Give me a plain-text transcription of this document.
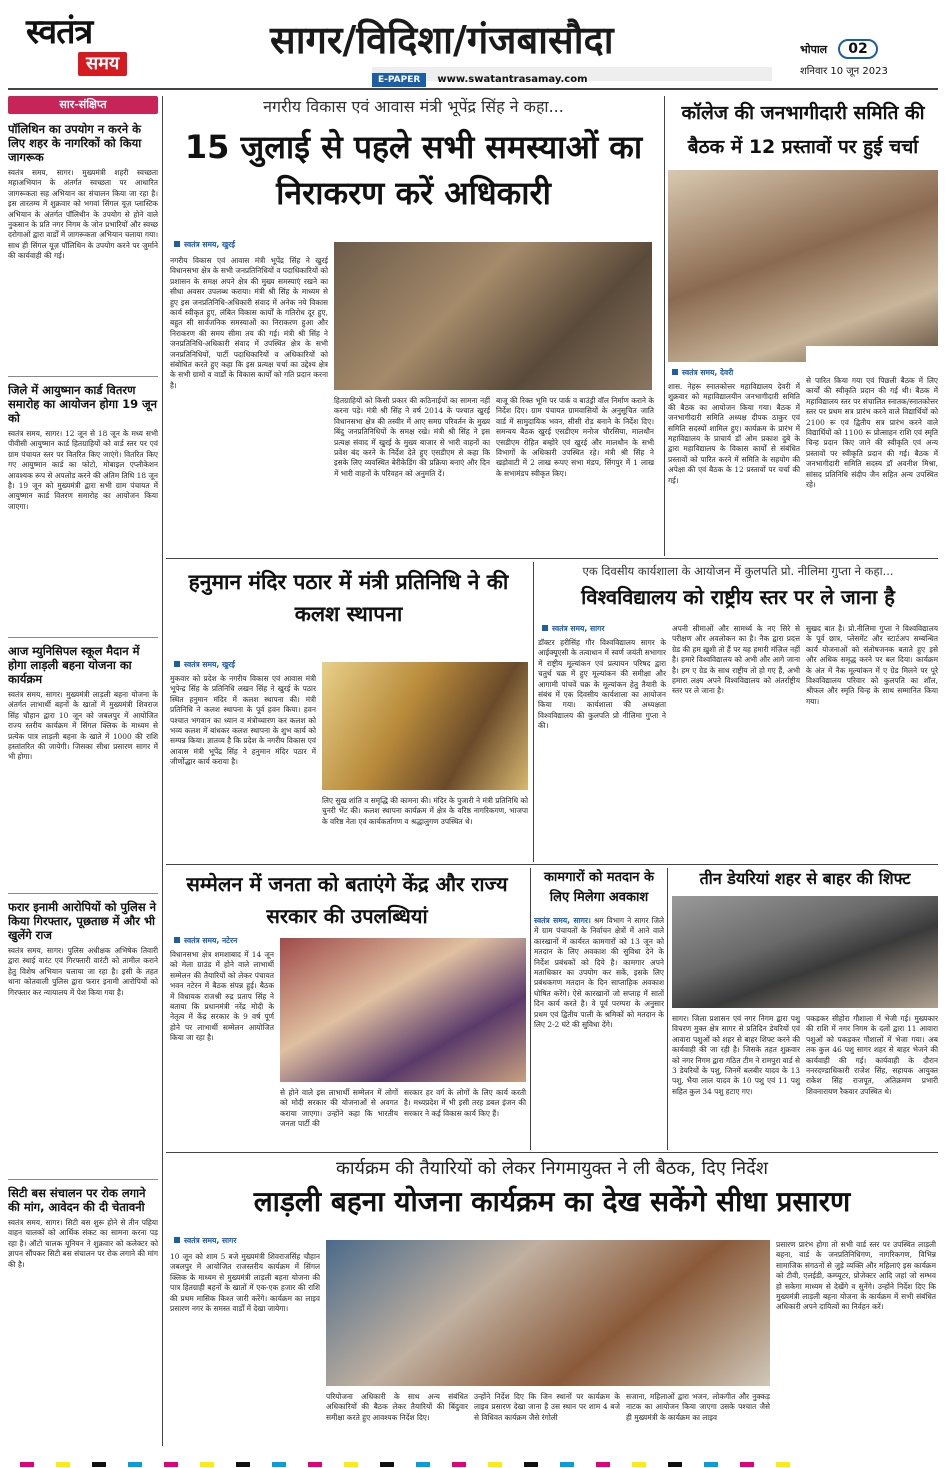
स्वतंत्र
समय
सागर/विदिशा/गंजबासौदा
E-PAPER www.swatantrasamay.com
भोपाल 02
शनिवार 10 जून 2023
सार-संक्षिप्त
पॉलिथिन का उपयोग न करने के लिए शहर के नागरिकों को किया जागरूक
स्वतंत्र समय, सागर। मुख्यमंत्री शहरी स्वच्छता महाअभियान के अंतर्गत स्वच्छता पर आधारित जागरूकता सह अभियान का संचालन किया जा रहा है। इस तारतम्य में शुक्रवार को भगवां सिंगल यूज़ प्लास्टिक अभियान के अंतर्गत पॉलिथीन के उपयोग से होने वाले नुकसान के प्रति नगर निगम के जोन प्रभारियों और स्वच्छ दरोगाओं द्वारा वार्डों में जागरूकता अभियान चलाया गया। साथ ही सिंगल यूज़ पॉलिथिन के उपयोग करने पर जुर्माने की कार्यवाही की गई।
जिले में आयुष्मान कार्ड वितरण समारोह का आयोजन होगा 19 जून को
स्वतंत्र समय, सागर। 12 जून से 18 जून के मध्य सभी पीवीसी आयुष्मान कार्ड हितग्राहियों को वार्ड स्तर पर एवं ग्राम पंचायत स्तर पर वितरित किए जाएंगे। वितरित किए गए आयुष्मान कार्ड का फोटो, मोबाइल एप्लीकेशन आवश्यक रूप से अपलोड करने की अंतिम तिथि 18 जून है। 19 जून को मुख्यमंत्री द्वारा सभी ग्राम पंचायत में आयुष्मान कार्ड वितरण समारोह का आयोजन किया जाएगा।
आज म्युनिसिपल स्कूल मैदान में होगा लाड़ली बहना योजना का कार्यक्रम
स्वतंत्र समय, सागर। मुख्यमंत्री लाड़ली बहना योजना के अंतर्गत लाभार्थी बहनों के खातों में मुख्यमंत्री शिवराज सिंह चौहान द्वारा 10 जून को जबलपुर में आयोजित राज्य स्तरीय कार्यक्रम में सिंगल क्लिक के माध्यम से प्रत्येक पात्र लाड़ली बहना के खाते में 1000 की राशि हस्तांतरित की जायेगी। जिसका सीधा प्रसारण सागर में भी होगा।
फरार इनामी आरोपियों को पुलिस ने किया गिरफ्तार, पूछताछ में और भी खुलेंगे राज
स्वतंत्र समय, सागर। पुलिस अधीक्षक अभिषेक तिवारी द्वारा स्थाई वारंट एवं गिरफ्तारी वारंटी को तामील कराने हेतु विशेष अभियान चलाया जा रहा है। इसी के तहत थाना कोतवाली पुलिस द्वारा फरार इनामी आरोपियों को गिरफ्तार कर न्यायालय में पेश किया गया है।
सिटी बस संचालन पर रोक लगाने की मांग, आवेदन की दी चेतावनी
स्वतंत्र समय, सागर। सिटी बस शुरू होने से तीन पहिया वाहन चालकों को आर्थिक संकट का सामना करना पड़ रहा है। ऑटो चालक यूनियन ने शुक्रवार को कलेक्टर को ज्ञापन सौंपकर सिटी बस संचालन पर रोक लगाने की मांग की है।
नगरीय विकास एवं आवास मंत्री भूपेंद्र सिंह ने कहा...
15 जुलाई से पहले सभी समस्याओं का निराकरण करें अधिकारी
स्वतंत्र समय, खुरई
नगरीय विकास एवं आवास मंत्री भूपेंद्र सिंह ने खुरई विधानसभा क्षेत्र के सभी जनप्रतिनिधियों व पदाधिकारियों को प्रशासन के समक्ष अपने क्षेत्र की मुख्य समस्याएं रखने का सीधा अवसर उपलब्ध कराया। मंत्री श्री सिंह के माध्यम से हुए इस जनप्रतिनिधि-अधिकारी संवाद में अनेक नये विकास कार्य स्वीकृत हुए, लंबित विकास कार्यों के गतिरोध दूर हुए, बहुत सी सार्वजनिक समस्याओं का निराकरण हुआ और निराकरण की समय सीमा तय की गई। मंत्री श्री सिंह ने जनप्रतिनिधि-अधिकारी संवाद में उपस्थित क्षेत्र के सभी जनप्रतिनिधियों, पार्टी पदाधिकारियों व अधिकारियों को संबोधित करते हुए कहा कि इस प्रत्यक्ष चर्चा का उद्देश्य क्षेत्र के सभी ग्रामों व वार्डों के विकास कार्यों को गति प्रदान करना है।
हितग्राहियों को किसी प्रकार की कठिनाईयों का सामना नहीं करना पड़े। मंत्री श्री सिंह ने वर्ष 2014 के पश्चात खुरई विधानसभा क्षेत्र की तस्वीर में आए समग्र परिवर्तन के मुख्य बिंदु जनप्रतिनिधियों के समक्ष रखे। मंत्री श्री सिंह ने इस प्रत्यक्ष संवाद में खुरई के मुख्य बाजार से भारी वाहनों का प्रवेश बंद करने के निर्देश देते हुए एसडीएम से कहा कि इसके लिए व्यवस्थित बेरीकेडिंग की प्रक्रिया बनाएं और दिन में भारी वाहनों के परिवहन को अनुमति दें।
बाजू की रिक्त भूमि पर पार्क व बाउंड्री वॉल निर्माण कराने के निर्देश दिए। ग्राम पंचायत ग्रामवासियों के अनुसूचित जाति वार्ड में सामुदायिक भवन, सीसी रोड बनाने के निर्देश दिए। समन्वय बैठक खुरई एसडीएम मनोज चौरसिया, मालथौन एसडीएम रोहित बम्होरे एवं खुरई और मालथौन के सभी विभागों के अधिकारी उपस्थित रहे। मंत्री श्री सिंह ने खड़ोवाटी में 2 लाख रूपए सभा मंडप, सिंगपुर में 1 लाख के सभामंडप स्वीकृत किए।
कॉलेज की जनभागीदारी समिति की बैठक में 12 प्रस्तावों पर हुई चर्चा
स्वतंत्र समय, देवरी
शास. नेहरू स्नातकोत्तर महाविद्यालय देवरी में शुक्रवार को महाविद्यालयीन जनभागीदारी समिति की बैठक का आयोजन किया गया। बैठक में जनभागीदारी समिति अध्यक्ष दीपक ठाकुर एवं समिति सदस्यों शामिल हुए। कार्यक्रम के प्रारंभ में महाविद्यालय के प्राचार्य डॉ ओम प्रकाश दुबे के द्वारा महाविद्यालय के विकास कार्यों से संबंधित प्रस्तावों को पारित करने में समिति के सहयोग की अपेक्षा की एवं बैठक के 12 प्रस्तावों पर चर्चा की गई।
से पारित किया गया एवं पिछली बैठक में लिए कार्यों की स्वीकृति प्रदान की गई थी। बैठक में महाविद्यालय स्तर पर संचालित स्नातक/स्नातकोत्तर स्तर पर प्रथम सत्र प्रारंभ करने वाले विद्यार्थियों को 2100 रू एवं द्वितीय सत्र प्रारंभ करने वाले विद्यार्थियों को 1100 रू प्रोत्साहन राशि एवं स्मृति चिन्ह प्रदान किए जाने की स्वीकृति एवं अन्य प्रस्तावों पर स्वीकृति प्रदान की गई। बैठक में जनभागीदारी समिति सदस्य डॉ अवनीश मिश्रा, सांसद प्रतिनिधि संदीप जैन सहित अन्य उपस्थित रहे।
हनुमान मंदिर पठार में मंत्री प्रतिनिधि ने की कलश स्थापना
स्वतंत्र समय, खुरई
मुकवार को प्रदेश के नगरीय विकास एवं आवास मंत्री भूपेन्द्र सिंह के प्रतिनिधि लखन सिंह ने खुरई के पठार स्थित हनुमान मंदिर में कलश स्थापना की। मंत्री प्रतिनिधि ने कलश स्थापना के पूर्व हवन किया। हवन पश्चात भगवान का ध्यान व मंत्रोच्चारण कर कलश को भव्य कलश में बांधकर कलश स्थापना के शुभ कार्य को सम्पन्न किया। ज्ञातव्य है कि प्रदेश के नगरीय विकास एवं आवास मंत्री भूपेंद्र सिंह ने हनुमान मंदिर पठार में जीर्णोद्धार कार्य कराया है।
लिए सुख शांति व समृद्धि की कामना की। मंदिर के पुजारी ने मंत्री प्रतिनिधि को चुनरी भेंट की। कलश स्थापना कार्यक्रम में क्षेत्र के वरिष्ठ नागरिकगण, भाजपा के वरिष्ठ नेता एवं कार्यकर्तागण व श्रद्धालुगण उपस्थित थे।
एक दिवसीय कार्यशाला के आयोजन में कुलपति प्रो. नीलिमा गुप्ता ने कहा...
विश्वविद्यालय को राष्ट्रीय स्तर पर ले जाना है
स्वतंत्र समय, सागर
डॉक्टर हरीसिंह गौर विश्वविद्यालय सागर के आईक्यूएसी के तत्वाधान में स्वर्ण जयंती सभागार में राष्ट्रीय मूल्यांकन एवं प्रत्यायन परिषद द्वारा चतुर्थ चक्र में हुए मूल्यांकन की समीक्षा और आगामी पांचवें चक्र के मूल्यांकन हेतु तैयारी के संबंध में एक दिवसीय कार्यशाला का आयोजन किया गया। कार्यशाला की अध्यक्षता विश्वविद्यालय की कुलपति प्रो नीलिमा गुप्ता ने की।
अपनी सीमाओं और सामर्थ्य के नए सिरे से परीक्षण और अवलोकन का है। नैक द्वारा प्रदत्त ग्रेड की हम ख़ुशी तो हैं पर यह हमारी मंज़िल नहीं है। हमारे विश्वविद्यालय को अभी और आगे जाना है। हम ए ग्रेड के साथ राष्ट्रीय तो हो गए हैं, अभी हमारा लक्ष्य अपने विश्वविद्यालय को अंतर्राष्ट्रीय स्तर पर ले जाना है।
सुखद बात है। प्रो.नीलिमा गुप्ता ने विश्वविद्यालय के पूर्व छात्र, प्लेसमेंट और स्टार्टअप सम्बन्धित कार्य योजनाओं को संतोषजनक बताते हुए इसे और अधिक समृद्ध करने पर बल दिया। कार्यक्रम के अंत में नैक मूल्यांकन में ए ग्रेड मिलने पर पूरे विश्वविद्यालय परिवार को कुलपति का शॉल, श्रीफल और स्मृति चिन्ह के साथ सम्मानित किया गया।
सम्मेलन में जनता को बताएंगे केंद्र और राज्य सरकार की उपलब्धियां
स्वतंत्र समय, नटेरन
विधानसभा क्षेत्र शमशाबाद में 14 जून को मेला ग्राउंड में होने वाले लाभार्थी सम्मेलन की तैयारियों को लेकर पंचायत भवन नटेरन में बैठक संपन्न हुई। बैठक में विधायक राजश्री रुद्र प्रताप सिंह ने बताया कि प्रधानमंत्री नरेंद्र मोदी के नेतृत्व में केंद्र सरकार के 9 वर्ष पूर्ण होने पर लाभार्थी सम्मेलन आयोजित किया जा रहा है।
से होने वाले इस लाभार्थी सम्मेलन में लोगों को मोदी सरकार की योजनाओं से अवगत कराया जाएगा। उन्होंने कहा कि भारतीय जनता पार्टी की
सरकार हर वर्ग के लोगों के लिए कार्य करती है। मध्यप्रदेश में भी इसी तरह डबल इंजन की सरकार ने कई विकास कार्य किए हैं।
कामगारों को मतदान के लिए मिलेगा अवकाश
स्वतंत्र समय, सागर। श्रम विभाग ने सागर जिले में ग्राम पंचायतों के निर्वाचन क्षेत्रों में आने वाले कारखानों में कार्यरत कामगारों को 13 जून को मतदान के लिए अवकाश की सुविधा देने के निर्देश प्रबंधकों को दिये है। कामगार अपने मताधिकार का उपयोग कर सकें, इसके लिए प्रबंधकगण मतदान के दिन साप्ताहिक अवकाश घोषित करेंगे। ऐसे कारखानों जो सप्ताह में सातों दिन कार्य करते है। वे पूर्व परम्परा के अनुसार प्रथम एवं द्वितीय पाली के श्रमिकों को मतदान के लिए 2-2 घंटे की सुविधा देंगे।
तीन डेयरियां शहर से बाहर की शिफ्ट
सागर। जिला प्रशासन एवं नगर निगम द्वारा पशु विचरण मुक्त क्षेत्र सागर से प्रतिदिन डेयरियों एवं आवारा पशुओं को शहर से बाहर शिफ्ट करने की कार्यवाही की जा रही है। जिसके तहत शुक्रवार को नगर निगम द्वारा गठित टीम ने रामपुरा वार्ड से 3 डेयरियों के पशु, जिनमें बलबीर यादव के 13 पशु, भैया लाल यादव के 10 पशु एवं 11 पशु सहित कुल 34 पशु हटाए गए।
पकड़कर सीहोरा गौशाला में भेजी गई। मुख्यकार की राशि में नगर निगम के दलों द्वारा 11 आवारा पशुओं को पकड़कर गौशालों में भेजा गया। अब तक कुल 46 पशु सागर शहर से बाहर भेजने की कार्यवाही की गई। कार्यवाही के दौरान ननरदण्डाधिकारी राजेश सिंह, सहायक आयुक्त राकेश सिंह राजपूत, अतिक्रमण प्रभारी शिवनारायण रैकवार उपस्थित थे।
कार्यक्रम की तैयारियों को लेकर निगमायुक्त ने ली बैठक, दिए निर्देश
लाड़ली बहना योजना कार्यक्रम का देख सकेंगे सीधा प्रसारण
स्वतंत्र समय, सागर
10 जून को शाम 5 बजे मुख्यमंत्री शिवराजसिंह चौहान जबलपुर में आयोजित राजस्तरीय कार्यक्रम में सिंगल क्लिक के माध्यम से मुख्यमंत्री लाड़ली बहना योजना की पात्र हितग्राही बहनों के खातों में एक-एक हजार की राशि की प्रथम मासिक किश्त जारी करेंगे। कार्यक्रम का लाइव प्रसारण नगर के समस्त वार्डों में देखा जायेगा।
परियोजना अधिकारी के साथ अन्य संबंधित अधिकारियों की बैठक लेकर तैयारियों की बिंदुवार समीक्षा करते हुए आवश्यक निर्देश दिए।
उन्होंने निर्देश दिए कि जिन स्थानों पर कार्यक्रम के लाइव प्रसारण देखा जाना है उस स्थान पर शाम 4 बजे से विधिवत कार्यक्रम जैसे रंगोली
सजाना, महिलाओं द्वारा भजन, लोकगीत और नुक्कड़ नाटक का आयोजन किया जाएगा उसके पश्चात जैसे ही मुख्यमंत्री के कार्यक्रम का लाइव
प्रसारण प्रारंभ होगा तो सभी वार्ड स्तर पर उपस्थित लाड़ली बहना, वार्ड के जनप्रतिनिधिगण, नागरिकगण, विभिन्न सामाजिक संगठनों से जुड़े व्यक्ति और महिलाएं इस कार्यक्रम को टीवी, एलईडी, कम्प्यूटर, प्रोजेक्टर आदि जहां जो सम्भव हो सकेगा माध्यम से देखेंगे व सुनेंगे। उन्होंने निर्देश दिए कि मुख्यमंत्री लाड़ली बहना योजना के कार्यक्रम में सभी संबंधित अधिकारी अपने दायित्वों का निर्वहन करें।
